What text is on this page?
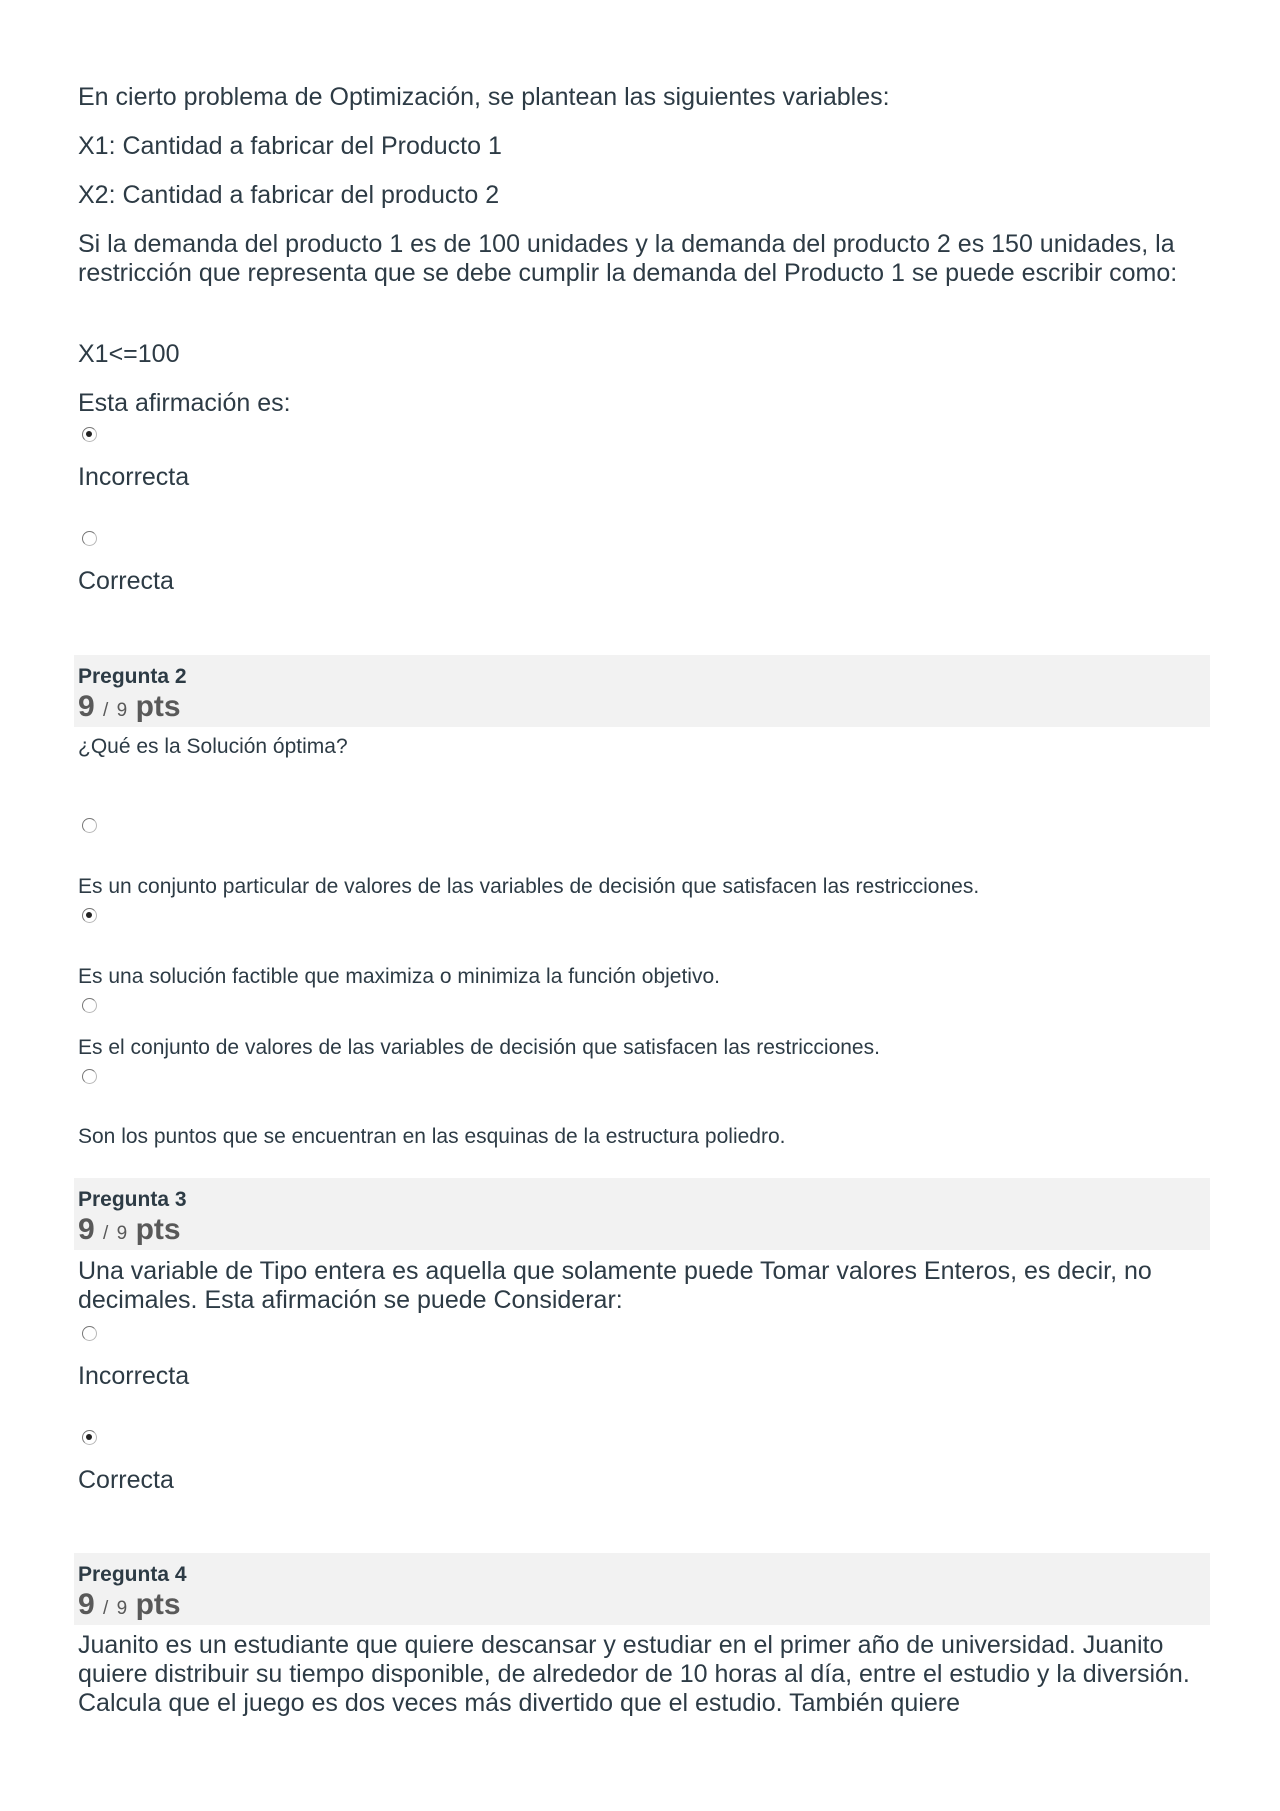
En cierto problema de Optimización, se plantean las siguientes variables:
X1: Cantidad a fabricar del Producto 1
X2: Cantidad a fabricar del producto 2
Si la demanda del producto 1 es de 100 unidades y la demanda del producto 2 es 150 unidades, la restricción que representa que se debe cumplir la demanda del Producto 1 se puede escribir como:
X1<=100
Esta afirmación es:
Incorrecta
Correcta
Pregunta 2
9 / 9 pts
¿Qué es la Solución óptima?
Es un conjunto particular de valores de las variables de decisión que satisfacen las restricciones.
Es una solución factible que maximiza o minimiza la función objetivo.
Es el conjunto de valores de las variables de decisión que satisfacen las restricciones.
Son los puntos que se encuentran en las esquinas de la estructura poliedro.
Pregunta 3
9 / 9 pts
Una variable de Tipo entera es aquella que solamente puede Tomar valores Enteros, es decir, no decimales. Esta afirmación se puede Considerar:
Incorrecta
Correcta
Pregunta 4
9 / 9 pts
Juanito es un estudiante que quiere descansar y estudiar en el primer año de universidad. Juanito quiere distribuir su tiempo disponible, de alrededor de 10 horas al día, entre el estudio y la diversión. Calcula que el juego es dos veces más divertido que el estudio. También quiere
